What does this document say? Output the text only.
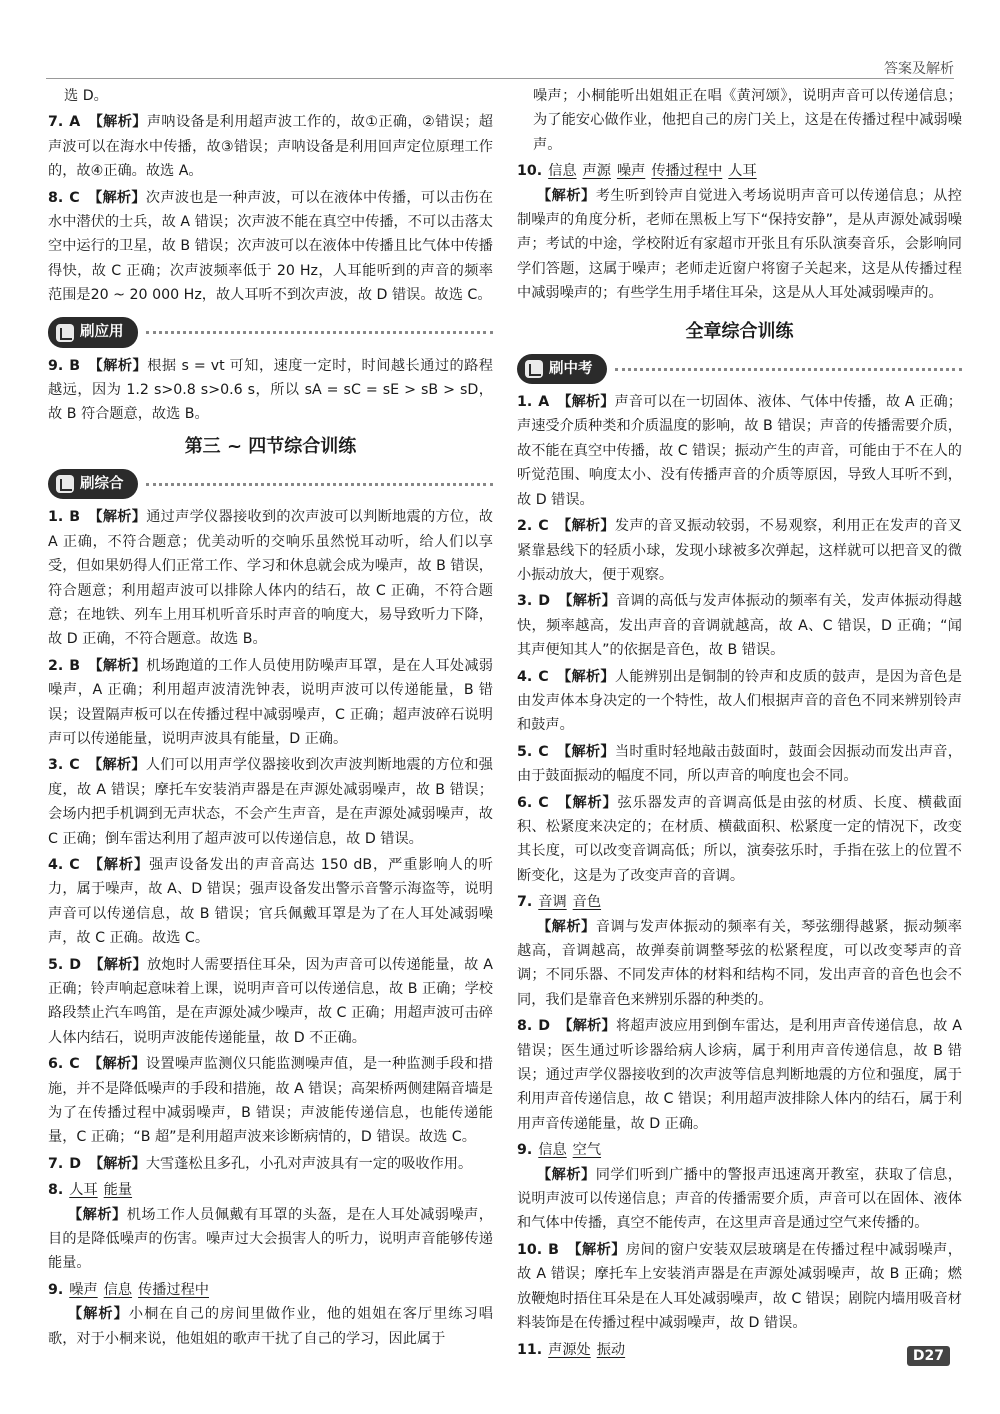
答案及解析
选 D。
7. A 【解析】声呐设备是利用超声波工作的，故①正确，②错误；超声波可以在海水中传播，故③错误；声呐设备是利用回声定位原理工作的，故④正确。故选 A。
8. C 【解析】次声波也是一种声波，可以在液体中传播，可以击伤在水中潜伏的士兵，故 A 错误；次声波不能在真空中传播，不可以击落太空中运行的卫星，故 B 错误；次声波可以在液体中传播且比气体中传播得快，故 C 正确；次声波频率低于 20 Hz，人耳能听到的声音的频率范围是20 ~ 20 000 Hz，故人耳听不到次声波，故 D 错误。故选 C。
刷应用
9. B 【解析】根据 s = vt 可知，速度一定时，时间越长通过的路程越远，因为 1.2 s>0.8 s>0.6 s，所以 sA = sC = sE > sB > sD，故 B 符合题意，故选 B。
第三 ~ 四节综合训练
刷综合
1. B 【解析】通过声学仪器接收到的次声波可以判断地震的方位，故 A 正确，不符合题意；优美动听的交响乐虽然悦耳动听，给人们以享受，但如果奶得人们正常工作、学习和休息就会成为噪声，故 B 错误，符合题意；利用超声波可以排除人体内的结石，故 C 正确，不符合题意；在地铁、列车上用耳机听音乐时声音的响度大，易导致听力下降，故 D 正确，不符合题意。故选 B。
2. B 【解析】机场跑道的工作人员使用防噪声耳罩，是在人耳处减弱噪声，A 正确；利用超声波清洗钟表，说明声波可以传递能量，B 错误；设置隔声板可以在传播过程中减弱噪声，C 正确；超声波碎石说明声可以传递能量，说明声波具有能量，D 正确。
3. C 【解析】人们可以用声学仪器接收到次声波判断地震的方位和强度，故 A 错误；摩托车安装消声器是在声源处减弱噪声，故 B 错误；会场内把手机调到无声状态，不会产生声音，是在声源处减弱噪声，故 C 正确；倒车雷达利用了超声波可以传递信息，故 D 错误。
4. C 【解析】强声设备发出的声音高达 150 dB，严重影响人的听力，属于噪声，故 A、D 错误；强声设备发出警示音警示海盗等，说明声音可以传递信息，故 B 错误；官兵佩戴耳罩是为了在人耳处减弱噪声，故 C 正确。故选 C。
5. D 【解析】放炮时人需要捂住耳朵，因为声音可以传递能量，故 A 正确；铃声响起意味着上课，说明声音可以传递信息，故 B 正确；学校路段禁止汽车鸣笛，是在声源处减少噪声，故 C 正确；用超声波可击碎人体内结石，说明声波能传递能量，故 D 不正确。
6. C 【解析】设置噪声监测仪只能监测噪声值，是一种监测手段和措施，并不是降低噪声的手段和措施，故 A 错误；高架桥两侧建隔音墙是为了在传播过程中减弱噪声，B 错误；声波能传递信息，也能传递能量，C 正确；“B 超”是利用超声波来诊断病情的，D 错误。故选 C。
7. D 【解析】大雪蓬松且多孔，小孔对声波具有一定的吸收作用。
8. 人耳 能量
【解析】机场工作人员佩戴有耳罩的头盔，是在人耳处减弱噪声，目的是降低噪声的伤害。噪声过大会损害人的听力，说明声音能够传递能量。
9. 噪声 信息 传播过程中
【解析】小桐在自己的房间里做作业，他的姐姐在客厅里练习唱歌，对于小桐来说，他姐姐的歌声干扰了自己的学习，因此属于
噪声；小桐能听出姐姐正在唱《黄河颂》，说明声音可以传递信息；为了能安心做作业，他把自己的房门关上，这是在传播过程中减弱噪声。
10. 信息 声源 噪声 传播过程中 人耳
【解析】考生听到铃声自觉进入考场说明声音可以传递信息；从控制噪声的角度分析，老师在黑板上写下“保持安静”，是从声源处减弱噪声；考试的中途，学校附近有家超市开张且有乐队演奏音乐，会影响同学们答题，这属于噪声；老师走近窗户将窗子关起来，这是从传播过程中减弱噪声的；有些学生用手堵住耳朵，这是从人耳处减弱噪声的。
全章综合训练
刷中考
1. A 【解析】声音可以在一切固体、液体、气体中传播，故 A 正确；声速受介质种类和介质温度的影响，故 B 错误；声音的传播需要介质，故不能在真空中传播，故 C 错误；振动产生的声音，可能由于不在人的听觉范围、响度太小、没有传播声音的介质等原因，导致人耳听不到，故 D 错误。
2. C 【解析】发声的音叉振动较弱，不易观察，利用正在发声的音叉紧靠悬线下的轻质小球，发现小球被多次弹起，这样就可以把音叉的微小振动放大，便于观察。
3. D 【解析】音调的高低与发声体振动的频率有关，发声体振动得越快，频率越高，发出声音的音调就越高，故 A、C 错误，D 正确；“闻其声便知其人”的依据是音色，故 B 错误。
4. C 【解析】人能辨别出是铜制的铃声和皮质的鼓声，是因为音色是由发声体本身决定的一个特性，故人们根据声音的音色不同来辨别铃声和鼓声。
5. C 【解析】当时重时轻地敲击鼓面时，鼓面会因振动而发出声音，由于鼓面振动的幅度不同，所以声音的响度也会不同。
6. C 【解析】弦乐器发声的音调高低是由弦的材质、长度、横截面积、松紧度来决定的；在材质、横截面积、松紧度一定的情况下，改变其长度，可以改变音调高低；所以，演奏弦乐时，手指在弦上的位置不断变化，这是为了改变声音的音调。
7. 音调 音色
【解析】音调与发声体振动的频率有关，琴弦绷得越紧，振动频率越高，音调越高，故弹奏前调整琴弦的松紧程度，可以改变琴声的音调；不同乐器、不同发声体的材料和结构不同，发出声音的音色也会不同，我们是靠音色来辨别乐器的种类的。
8. D 【解析】将超声波应用到倒车雷达，是利用声音传递信息，故 A 错误；医生通过听诊器给病人诊病，属于利用声音传递信息，故 B 错误；通过声学仪器接收到的次声波等信息判断地震的方位和强度，属于利用声音传递信息，故 C 错误；利用超声波排除人体内的结石，属于利用声音传递能量，故 D 正确。
9. 信息 空气
【解析】同学们听到广播中的警报声迅速离开教室，获取了信息，说明声波可以传递信息；声音的传播需要介质，声音可以在固体、液体和气体中传播，真空不能传声，在这里声音是通过空气来传播的。
10. B 【解析】房间的窗户安装双层玻璃是在传播过程中减弱噪声，故 A 错误；摩托车上安装消声器是在声源处减弱噪声，故 B 正确；燃放鞭炮时捂住耳朵是在人耳处减弱噪声，故 C 错误；剧院内墙用吸音材料装饰是在传播过程中减弱噪声，故 D 错误。
11. 声源处 振动	D27
